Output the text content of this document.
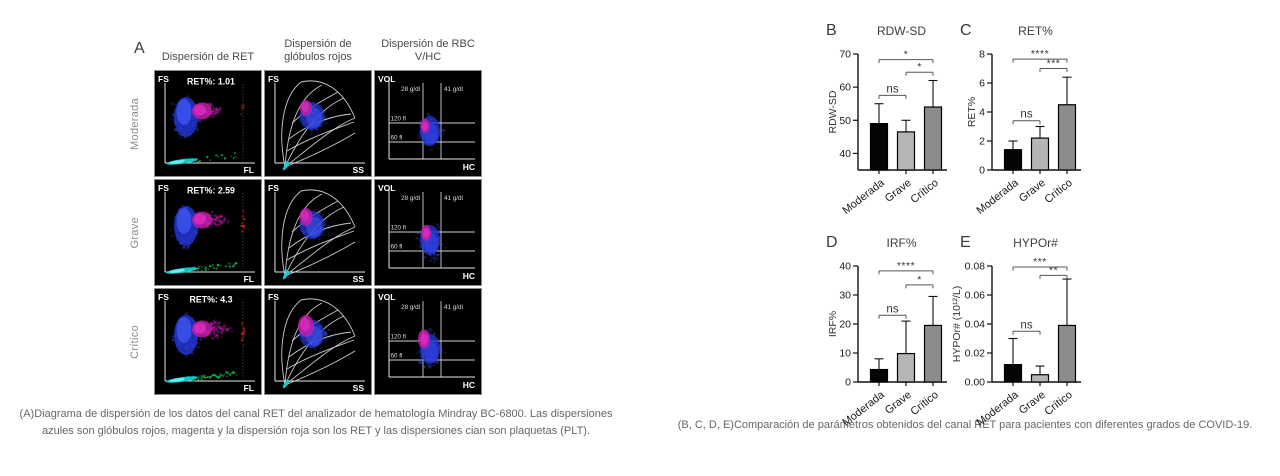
A
Dispersión de RET
Dispersión de glóbulos rojos
Dispersión de RBC V/HC
Moderada
FS
FL
RET%: 1.01	FS
SS
VOL
HC
28 g/dl	41 g/dl
120 fl
60 fl
Grave
FS
FL
RET%: 2.59	FS
SS
VOL
HC
28 g/dl	41 g/dl
120 fl
60 fl
Crítico
FS
FL
RET%: 4.3	FS
SS
VOL
HC
28 g/dl	41 g/dl
120 fl
60 fl
(A)Diagrama de dispersión de los datos del canal RET del analizador de hematología Mindray BC-6800. Las dispersiones azules son glóbulos rojos, magenta y la dispersión roja son los RET y las dispersiones cian son plaquetas (PLT).
(B, C, D, E)Comparación de parámetros obtenidos del canal RET para pacientes con diferentes grados de COVID-19.
B	RDW-SD
40
50
60
70
Moderada
Grave
Crítico
ns
*
*
RDW-SD
C	RET%
0
2
4
6
8
Moderada
Grave
Crítico
ns
***
****
RET%
D	IRF%
0
10
20
30
40
Moderada
Grave
Crítico
ns
*
****
IRF%
E	HYPOr#
0.00
0.02
0.04
0.06
0.08
Moderada
Grave
Crítico
ns
**
***
HYPOr# (10¹²/L)
